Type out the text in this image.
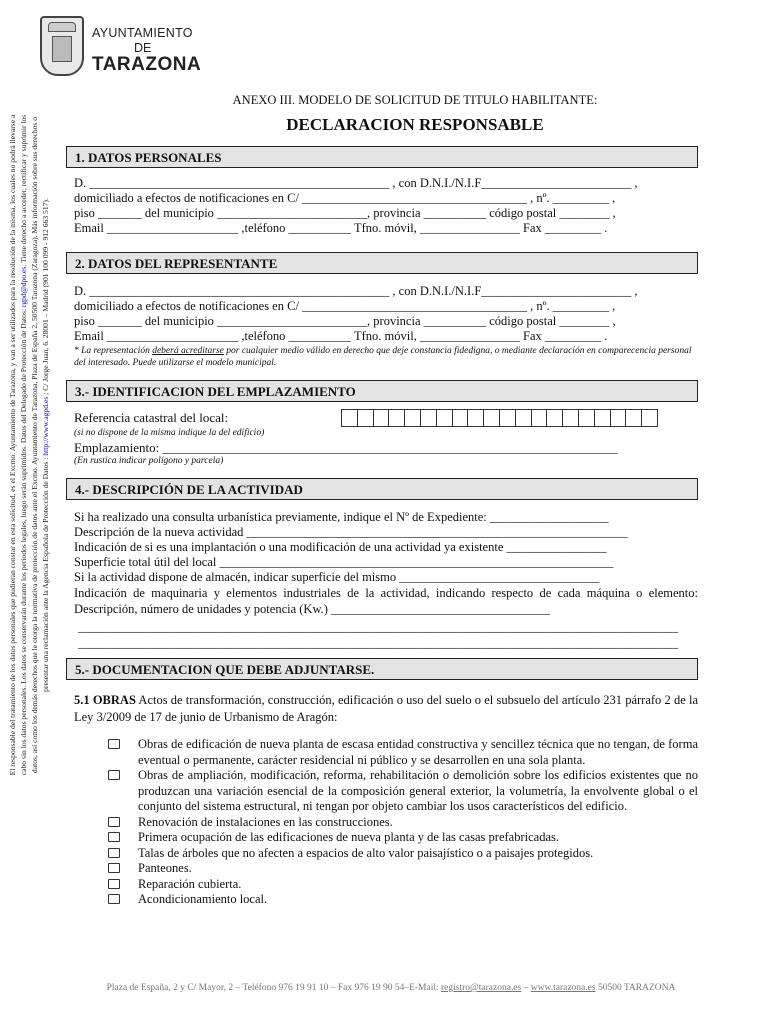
AYUNTAMIENTO
DE
TARAZONA
ANEXO III. MODELO DE SOLICITUD DE TITULO HABILITANTE:
DECLARACION RESPONSABLE
El responsable del tratamiento de los datos personales que pudieran constar en esta solicitud, es el Excmo. Ayuntamiento de Tarazona, y van a ser utilizados para la resolución de la misma, los cuales no podrá llevarse a cabo sin los datos personales. Los datos se conservarán durante los periodos legales, luego serán suprimidos. Datos del Delegado de Protección de Datos: rgpd@dpo.es. Tiene derecho a acceder, rectificar y suprimir los datos, así como los demás derechos que le otorga la normativa de protección de datos ante el Excmo. Ayuntamiento de Tarazona, Plaza de España 2, 50500 Tarazona (Zaragoza). Más información sobre sus derechos o presentar una reclamación ante la Agencia Española de Protección de Datos : http://www.agpd.es ; C/ Jorge Juan, 6. 28001 – Madrid (901 100 099 - 912 663 517).
1. DATOS PERSONALES
D. ________________________________________________ , con D.N.I./N.I.F________________________ ,
domiciliado a efectos de notificaciones en C/ ____________________________________ , nº. _________ ,
piso _______ del municipio ________________________, provincia __________ código postal ________ ,
Email _____________________ ,teléfono __________ Tfno. móvil, ________________ Fax _________ .
2. DATOS DEL REPRESENTANTE
D. ________________________________________________ , con D.N.I./N.I.F________________________ ,
domiciliado a efectos de notificaciones en C/ ____________________________________ , nº. _________ ,
piso _______ del municipio ________________________, provincia __________ código postal ________ ,
Email _____________________ ,teléfono __________ Tfno. móvil, ________________ Fax _________ .
* La representación deberá acreditarse por cualquier medio válido en derecho que deje constancia fidedigna, o mediante declaración en comparecencia personal del interesado. Puede utilizarse el modelo municipal.
3.- IDENTIFICACION DEL EMPLAZAMIENTO
Referencia catastral del local:
(si no dispone de la misma indique la del edificio)
Emplazamiento: ______________________________________________________________________
(En rustica indicar polígono y parcela)
4.- DESCRIPCIÓN DE LA ACTIVIDAD
Si ha realizado una consulta urbanística previamente, indique el Nº de Expediente: ___________________
Descripción de la nueva actividad _____________________________________________________________
Indicación de si es una implantación o una modificación de una actividad ya existente ________________
Superficie total útil del local _______________________________________________________________
Si la actividad dispone de almacén, indicar superficie del mismo ________________________________
Indicación de maquinaria y elementos industriales de la actividad, indicando respecto de cada máquina o elemento: Descripción, número de unidades y potencia (Kw.) ___________________________________
________________________________________________________________________________________________
________________________________________________________________________________________________
5.- DOCUMENTACION QUE DEBE ADJUNTARSE.
5.1 OBRAS Actos de transformación, construcción, edificación o uso del suelo o el subsuelo del artículo 231 párrafo 2 de la Ley 3/2009 de 17 de junio de Urbanismo de Aragón:
Obras de edificación de nueva planta de escasa entidad constructiva y sencillez técnica que no tengan, de forma eventual o permanente, carácter residencial ni público y se desarrollen en una sola planta.
Obras de ampliación, modificación, reforma, rehabilitación o demolición sobre los edificios existentes que no produzcan una variación esencial de la composición general exterior, la volumetría, la envolvente global o el conjunto del sistema estructural, ni tengan por objeto cambiar los usos característicos del edificio.
Renovación de instalaciones en las construcciones.
Primera ocupación de las edificaciones de nueva planta y de las casas prefabricadas.
Talas de árboles que no afecten a espacios de alto valor paisajístico o a paisajes protegidos.
Panteones.
Reparación cubierta.
Acondicionamiento local.
Plaza de España, 2 y C/ Mayor, 2 – Teléfono 976 19 91 10 – Fax 976 19 90 54–E-Mail: registro@tarazona.es – www.tarazona.es 50500 TARAZONA
